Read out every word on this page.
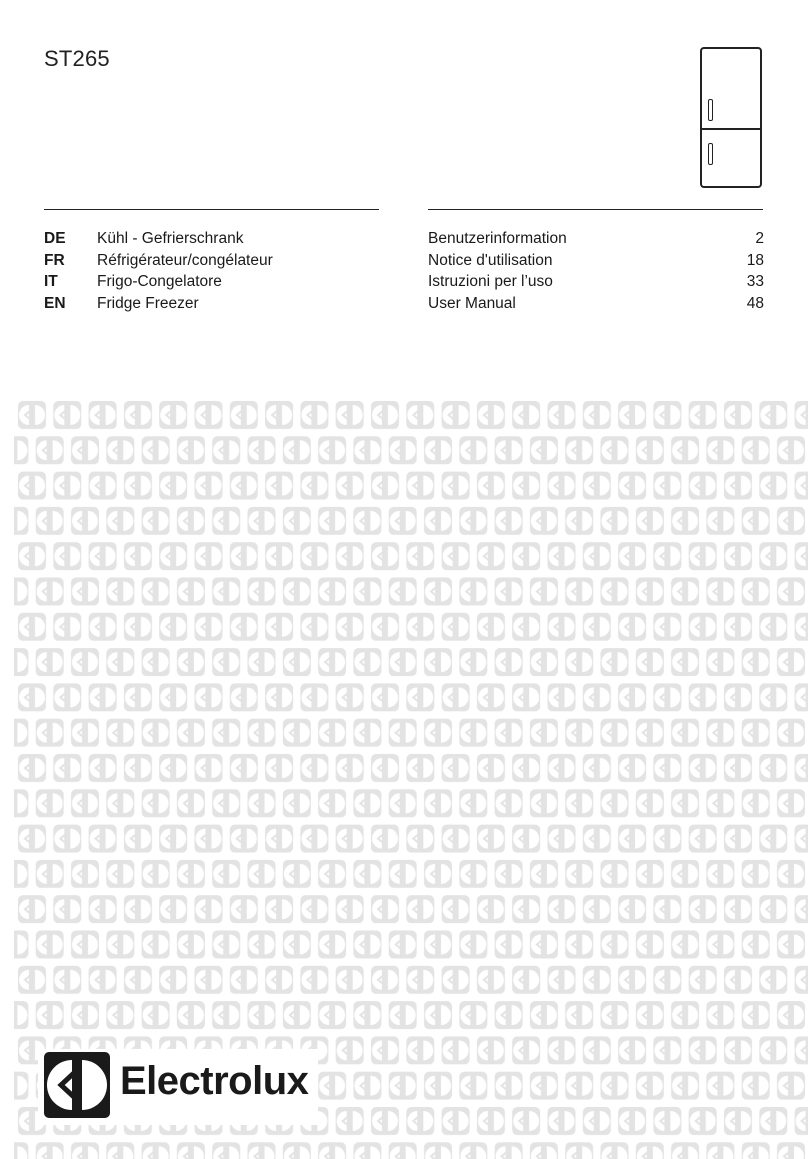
ST265
DE Kühl - Gefrierschrank	Benutzerinformation	2
FR Réfrigérateur/congélateur	Notice d'utilisation	18
IT	Frigo-Congelatore	Istruzioni per l’uso	33
EN Fridge Freezer	User Manual	48
Electrolux
